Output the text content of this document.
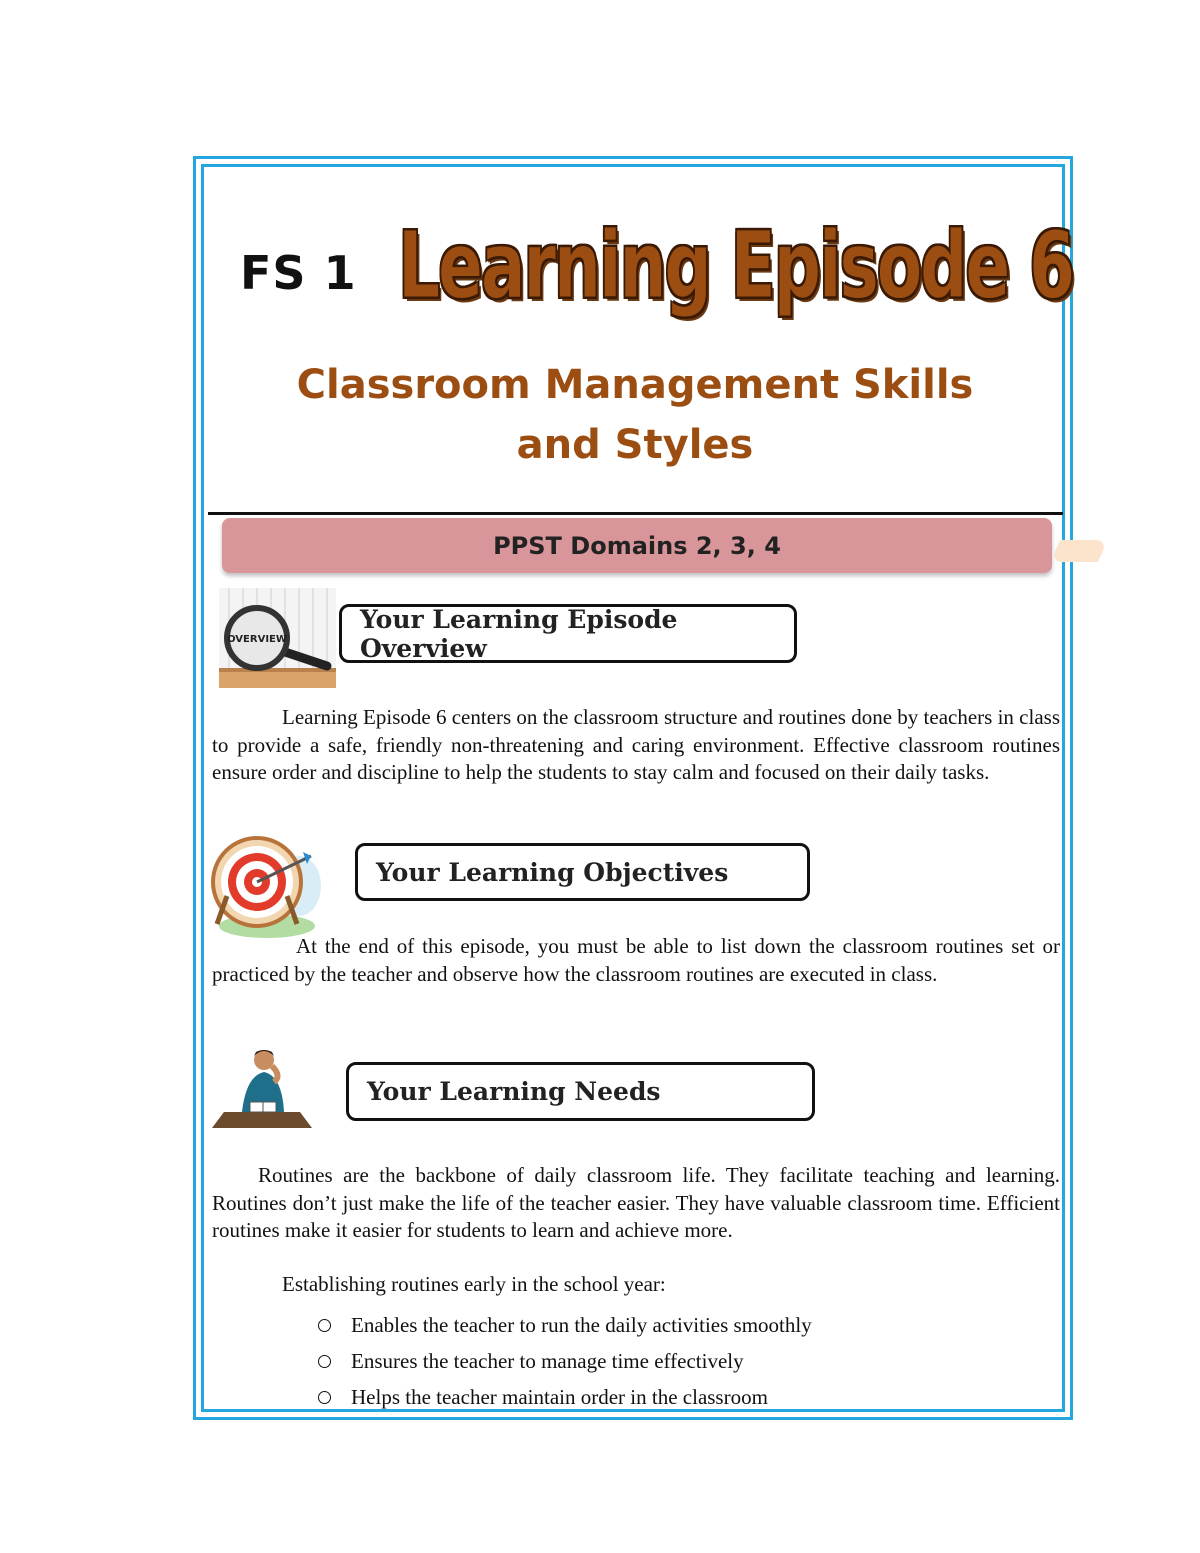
FS 1 Learning Episode 6
Classroom Management Skills
and Styles
PPST Domains 2, 3, 4
OVERVIEW
Your Learning Episode Overview
Learning Episode 6 centers on the classroom structure and routines done by teachers in class to provide a safe, friendly non-threatening and caring environment. Effective classroom routines ensure order and discipline to help the students to stay calm and focused on their daily tasks.
Your Learning Objectives
At the end of this episode, you must be able to list down the classroom routines set or practiced by the teacher and observe how the classroom routines are executed in class.
Your Learning Needs
Routines are the backbone of daily classroom life. They facilitate teaching and learning. Routines don’t just make the life of the teacher easier. They have valuable classroom time. Efficient routines make it easier for students to learn and achieve more.
Establishing routines early in the school year:
Enables the teacher to run the daily activities smoothly
Ensures the teacher to manage time effectively
Helps the teacher maintain order in the classroom
